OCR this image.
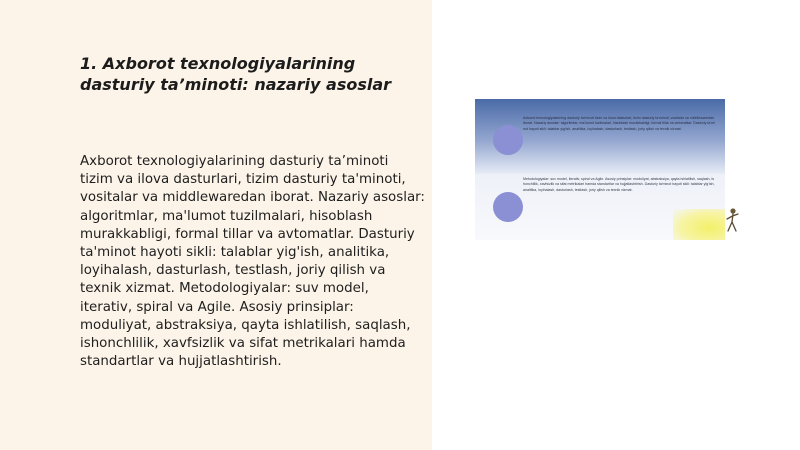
1. Axborot texnologiyalarining dasturiy ta’minoti: nazariy asoslar

Axborot texnologiyalarining dasturiy ta’minoti tizim va ilova dasturlari, tizim dasturiy ta'minoti, vositalar va middlewaredan iborat. Nazariy asoslar: algoritmlar, ma'lumot tuzilmalari, hisoblash murakkabligi, formal tillar va avtomatlar. Dasturiy ta'minot hayoti sikli: talablar yig'ish, analitika, loyihalash, dasturlash, testlash, joriy qilish va texnik xizmat. Metodologiyalar: suv model, iterativ, spiral va Agile. Asosiy prinsiplar: moduliyat, abstraksiya, qayta ishlatilish, saqlash, ishonchlilik, xavfsizlik va sifat metrikalari hamda standartlar va hujjatlashtirish.

Axborot texnologiyalarining dasturiy ta'minoti tizim va ilova dasturlari, tizim dasturiy ta'minoti, vositalar va middlewaredan iborat. Nazariy asoslar: algoritmlar, ma'lumot tuzilmalari, hisoblash murakkabligi, formal tillar va avtomatlar. Dasturiy ta'minot hayoti sikli: talablar yig'ish, analitika, loyihalash, dasturlash, testlash, joriy qilish va texnik xizmat.
Metodologiyalar: suv model, iterativ, spiral va Agile. Asosiy prinsiplar: moduliyat, abstraksiya, qayta ishlatilish, saqlash, ishonchlilik, xavfsizlik va sifat metrikalari hamda standartlar va hujjatlashtirish. Dasturiy ta'minot hayoti sikli: talablar yig'ish, analitika, loyihalash, dasturlash, testlash, joriy qilish va texnik xizmat.
